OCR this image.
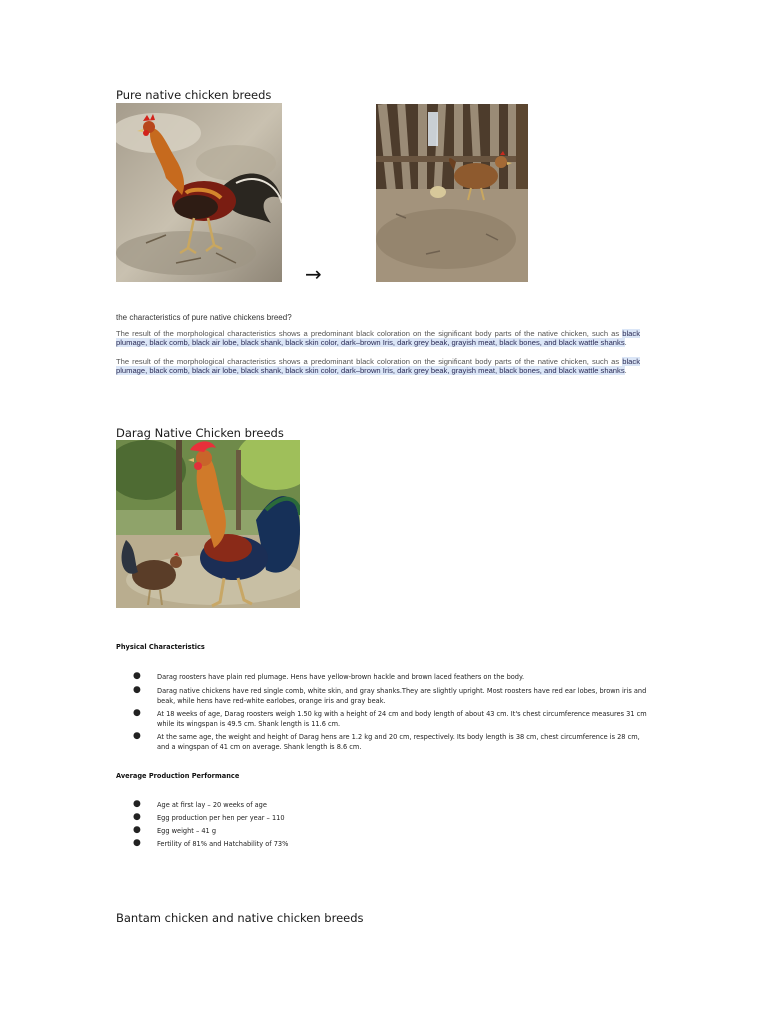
Pure native chicken breeds
→
the characteristics of pure native chickens breed?
The result of the morphological characteristics shows a predominant black coloration on the significant body parts of the native chicken, such as black plumage, black comb, black air lobe, black shank, black skin color, dark–brown Iris, dark grey beak, grayish meat, black bones, and black wattle shanks.
The result of the morphological characteristics shows a predominant black coloration on the significant body parts of the native chicken, such as black plumage, black comb, black air lobe, black shank, black skin color, dark–brown Iris, dark grey beak, grayish meat, black bones, and black wattle shanks.
Darag Native Chicken breeds
Physical Characteristics
● Darag roosters have plain red plumage. Hens have yellow-brown hackle and brown laced feathers on the body.
● Darag native chickens have red single comb, white skin, and gray shanks.They are slightly upright. Most roosters have red ear lobes, brown iris and beak, while hens have red-white earlobes, orange iris and gray beak.
● At 18 weeks of age, Darag roosters weigh 1.50 kg with a height of 24 cm and body length of about 43 cm. It's chest circumference measures 31 cm while its wingspan is 49.5 cm. Shank length is 11.6 cm.
● At the same age, the weight and height of Darag hens are 1.2 kg and 20 cm, respectively. Its body length is 38 cm, chest circumference is 28 cm, and a wingspan of 41 cm on average. Shank length is 8.6 cm.
Average Production Performance
● Age at first lay – 20 weeks of age
● Egg production per hen per year – 110
● Egg weight – 41 g
● Fertility of 81% and Hatchability of 73%
Bantam chicken and native chicken breeds
